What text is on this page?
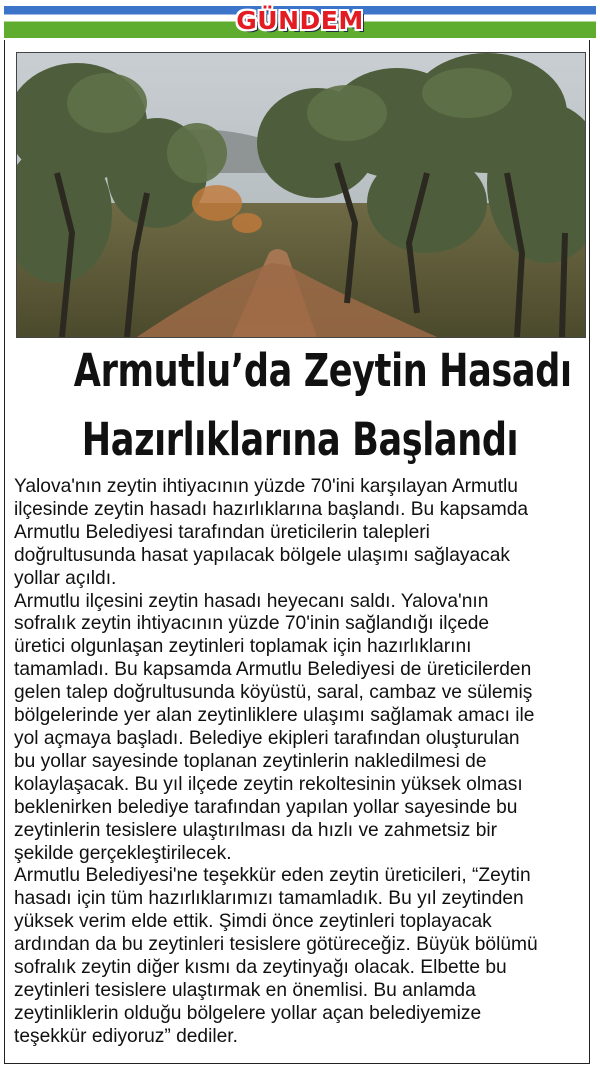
GÜNDEM
Armutlu’da Zeytin Hasadı
Hazırlıklarına Başlandı

Yalova'nın zeytin ihtiyacının yüzde 70'ini karşılayan Armutlu
ilçesinde zeytin hasadı hazırlıklarına başlandı. Bu kapsamda
Armutlu Belediyesi tarafından üreticilerin talepleri
doğrultusunda hasat yapılacak bölgele ulaşımı sağlayacak
yollar açıldı.

Armutlu ilçesini zeytin hasadı heyecanı saldı. Yalova'nın
sofralık zeytin ihtiyacının yüzde 70'inin sağlandığı ilçede
üretici olgunlaşan zeytinleri toplamak için hazırlıklarını
tamamladı. Bu kapsamda Armutlu Belediyesi de üreticilerden
gelen talep doğrultusunda köyüstü, saral, cambaz ve sülemiş
bölgelerinde yer alan zeytinliklere ulaşımı sağlamak amacı ile
yol açmaya başladı. Belediye ekipleri tarafından oluşturulan
bu yollar sayesinde toplanan zeytinlerin nakledilmesi de
kolaylaşacak. Bu yıl ilçede zeytin rekoltesinin yüksek olması
beklenirken belediye tarafından yapılan yollar sayesinde bu
zeytinlerin tesislere ulaştırılması da hızlı ve zahmetsiz bir
şekilde gerçekleştirilecek.

Armutlu Belediyesi'ne teşekkür eden zeytin üreticileri, “Zeytin
hasadı için tüm hazırlıklarımızı tamamladık. Bu yıl zeytinden
yüksek verim elde ettik. Şimdi önce zeytinleri toplayacak
ardından da bu zeytinleri tesislere götüreceğiz. Büyük bölümü
sofralık zeytin diğer kısmı da zeytinyağı olacak. Elbette bu
zeytinleri tesislere ulaştırmak en önemlisi. Bu anlamda
zeytinliklerin olduğu bölgelere yollar açan belediyemize
teşekkür ediyoruz” dediler.
